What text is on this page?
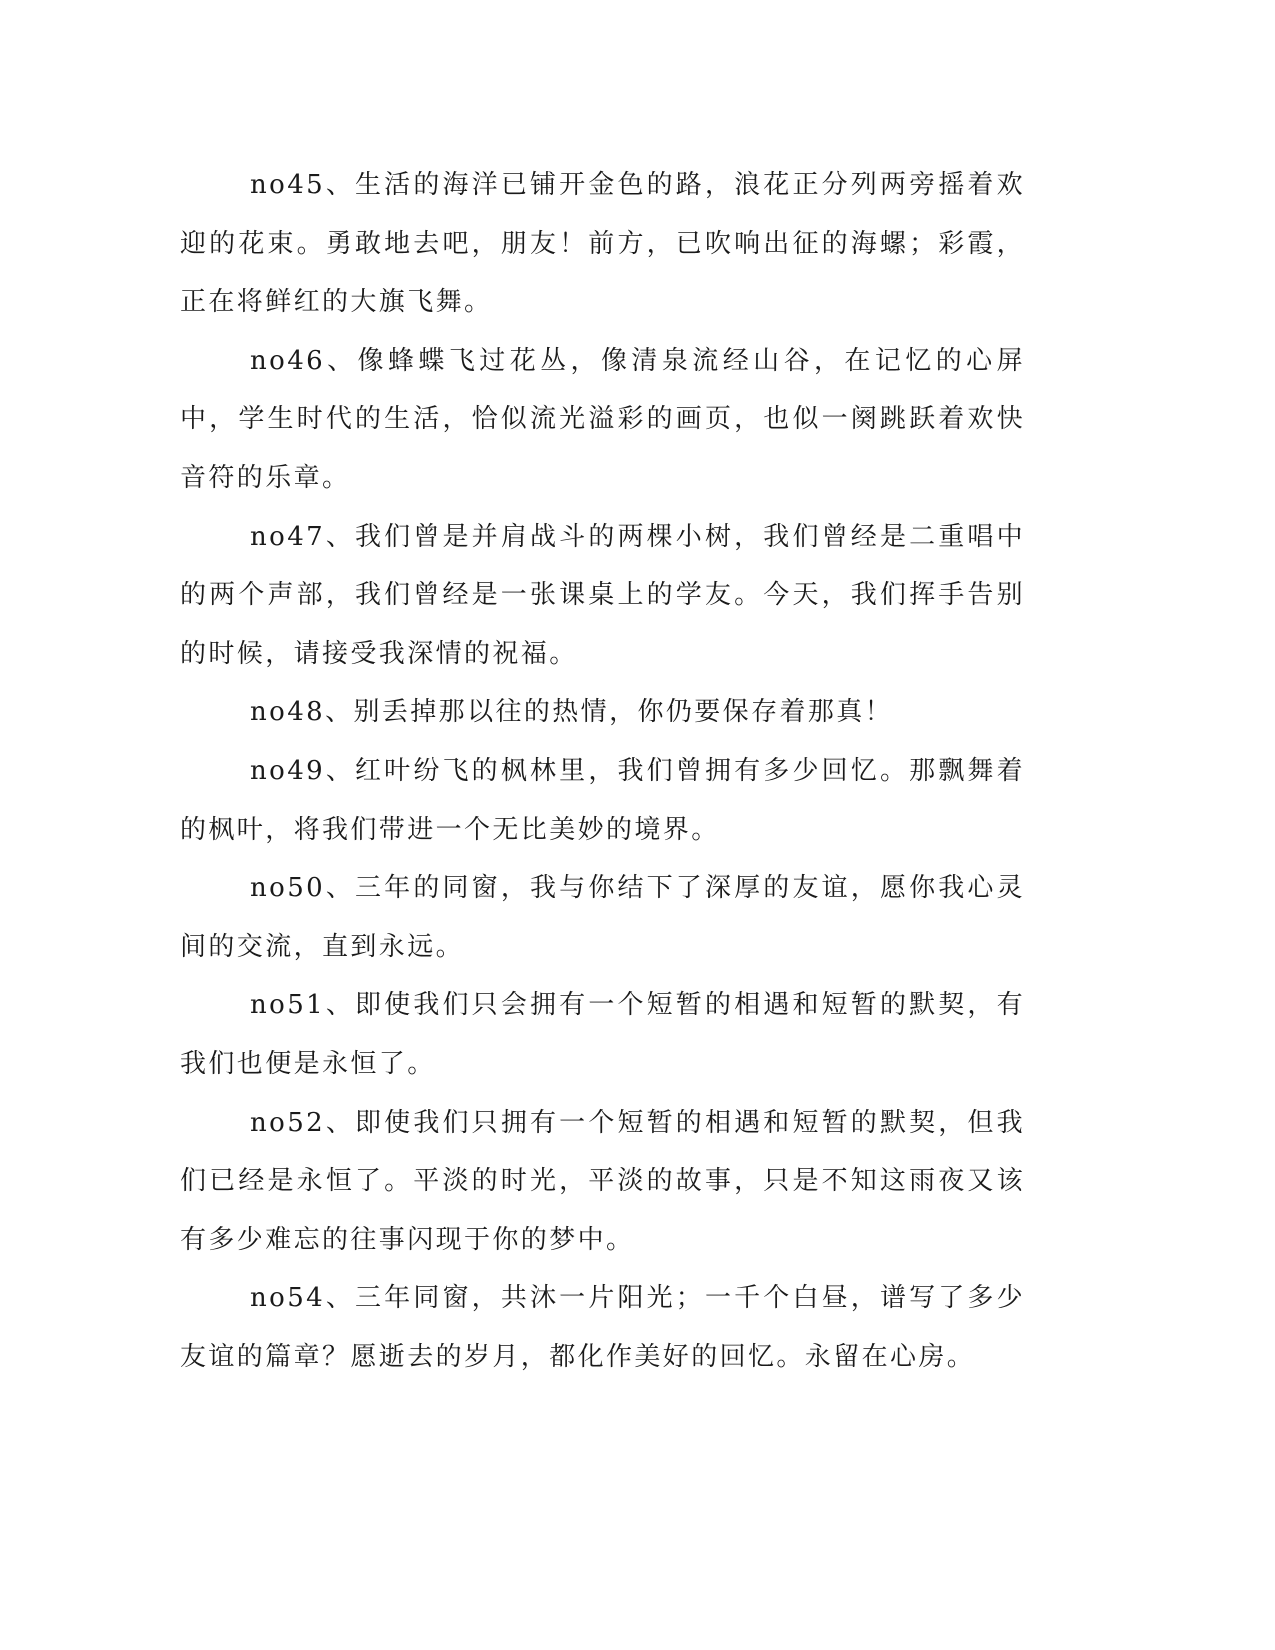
no45、生活的海洋已铺开金色的路，浪花正分列两旁摇着欢迎的花束。勇敢地去吧，朋友！前方，已吹响出征的海螺；彩霞，正在将鲜红的大旗飞舞。

no46、像蜂蝶飞过花丛，像清泉流经山谷，在记忆的心屏中，学生时代的生活，恰似流光溢彩的画页，也似一阕跳跃着欢快音符的乐章。

no47、我们曾是并肩战斗的两棵小树，我们曾经是二重唱中的两个声部，我们曾经是一张课桌上的学友。今天，我们挥手告别的时候，请接受我深情的祝福。

no48、别丢掉那以往的热情，你仍要保存着那真！

no49、红叶纷飞的枫林里，我们曾拥有多少回忆。那飘舞着的枫叶，将我们带进一个无比美妙的境界。

no50、三年的同窗，我与你结下了深厚的友谊，愿你我心灵间的交流，直到永远。

no51、即使我们只会拥有一个短暂的相遇和短暂的默契，有我们也便是永恒了。

no52、即使我们只拥有一个短暂的相遇和短暂的默契，但我们已经是永恒了。平淡的时光，平淡的故事，只是不知这雨夜又该有多少难忘的往事闪现于你的梦中。

no54、三年同窗，共沐一片阳光；一千个白昼，谱写了多少友谊的篇章？愿逝去的岁月，都化作美好的回忆。永留在心房。
